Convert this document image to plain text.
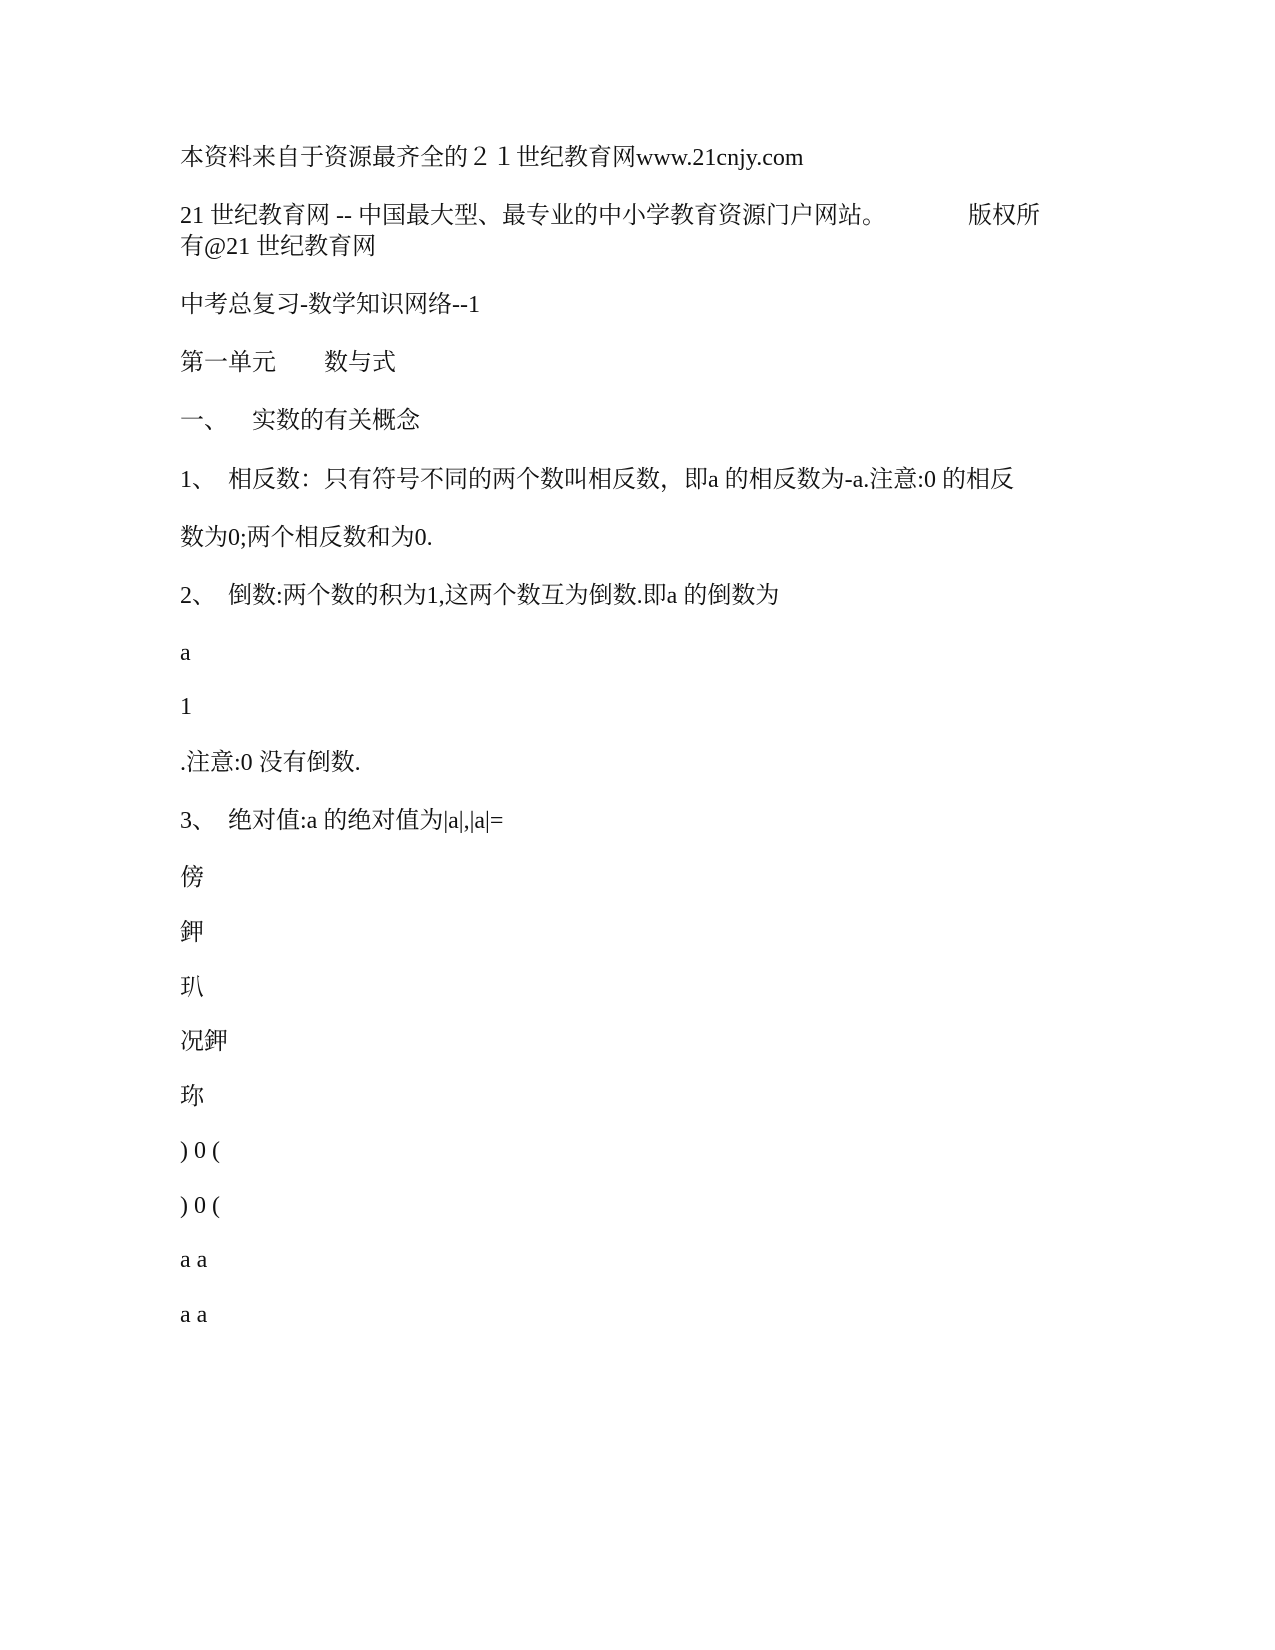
本资料来自于资源最齐全的２１世纪教育网www.21cnjy.com
21 世纪教育网 -- 中国最大型、最专业的中小学教育资源门户网站。	版权所
有@21 世纪教育网
中考总复习-数学知识网络--1
第一单元 数与式
一、 实数的有关概念
1、 相反数：只有符号不同的两个数叫相反数，即a 的相反数为-a.注意:0 的相反
数为0;两个相反数和为0.
2、 倒数:两个数的积为1,这两个数互为倒数.即a 的倒数为
a
1
.注意:0 没有倒数.
3、 绝对值:a 的绝对值为|a|,|a|=
傍
鉀
玐
况鉀
珎
) 0 (
) 0 (
a a
a a
